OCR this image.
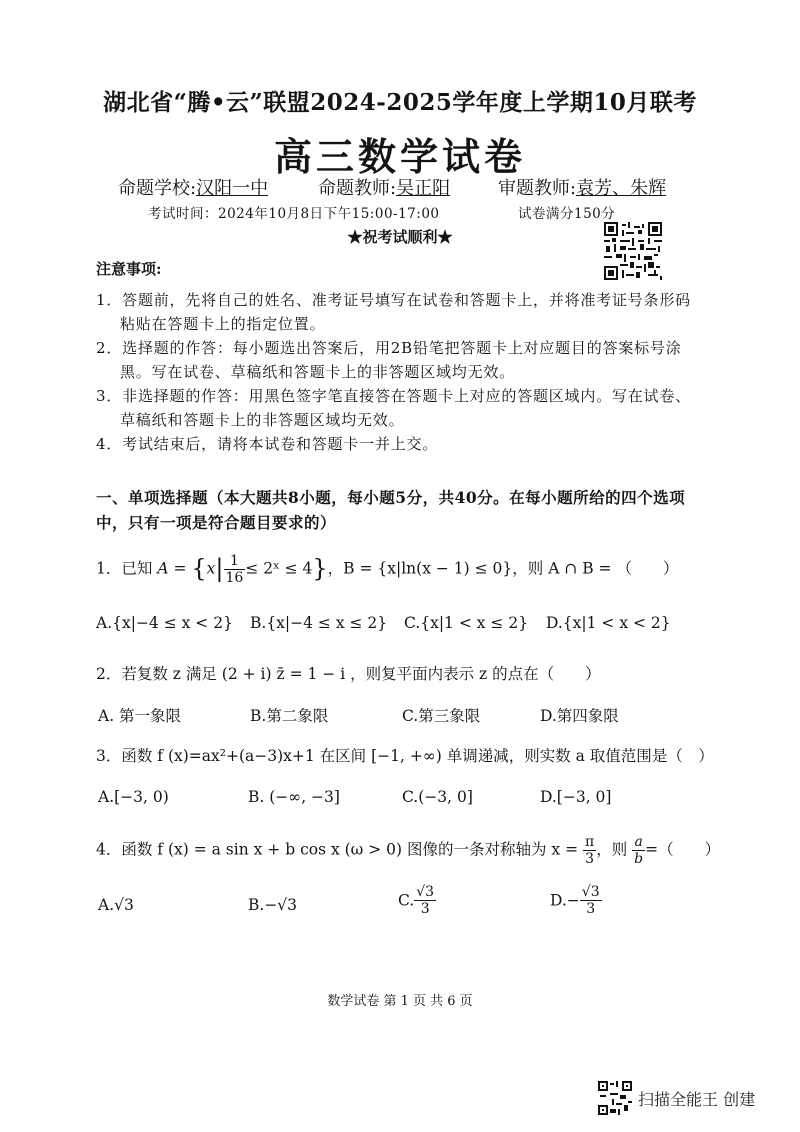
湖北省“腾•云”联盟2024-2025学年度上学期10月联考
高三数学试卷
命题学校:汉阳一中	命题教师:吴正阳	审题教师:袁芳、朱辉
考试时间：2024年10月8日下午15:00-17:00	试卷满分150分
★祝考试顺利★
注意事项:
1．答题前，先将自己的姓名、准考证号填写在试卷和答题卡上，并将准考证号条形码
粘贴在答题卡上的指定位置。
2．选择题的作答：每小题选出答案后，用2B铅笔把答题卡上对应题目的答案标号涂
黑。写在试卷、草稿纸和答题卡上的非答题区域均无效。
3．非选择题的作答：用黑色签字笔直接答在答题卡上对应的答题区域内。写在试卷、
草稿纸和答题卡上的非答题区域均无效。
4．考试结束后，请将本试卷和答题卡一并上交。
一、单项选择题（本大题共8小题，每小题5分，共40分。在每小题所给的四个选项
中，只有一项是符合题目要求的）
1．已知 $A = \{x| \frac{1}{16}$ ≤ 2ˣ ≤ 4}，B = {x|ln(x − 1) ≤ 0}，则 A ∩ B = （　　）
A.{x|−4 ≤ x < 2} B.{x|−4 ≤ x ≤ 2} C.{x|1 < x ≤ 2} D.{x|1 < x < 2}
2．若复数 z 满足 (2 + i) z̄ = 1 − i ，则复平面内表示 z 的点在（　　）
A. 第一象限	B.第二象限	C.第三象限	D.第四象限
3．函数 f (x)=ax²+(a−3)x+1 在区间 [−1, +∞) 单调递减，则实数 a 取值范围是（　）
A.[−3, 0)	B. (−∞, −3]	C.(−3, 0]	D.[−3, 0]
4．函数 f (x) = a sin x + b cos x (ω > 0) 图像的一条对称轴为 $x = \frac{\pi}{3}$ ，则 $\frac{a}{b}$ =（　　）
A.√3	B.−√3	C. $\frac{√3}{3}$	$D.- \frac{√3}{3}$
数学试卷 第 1 页 共 6 页
扫描全能王 创建
